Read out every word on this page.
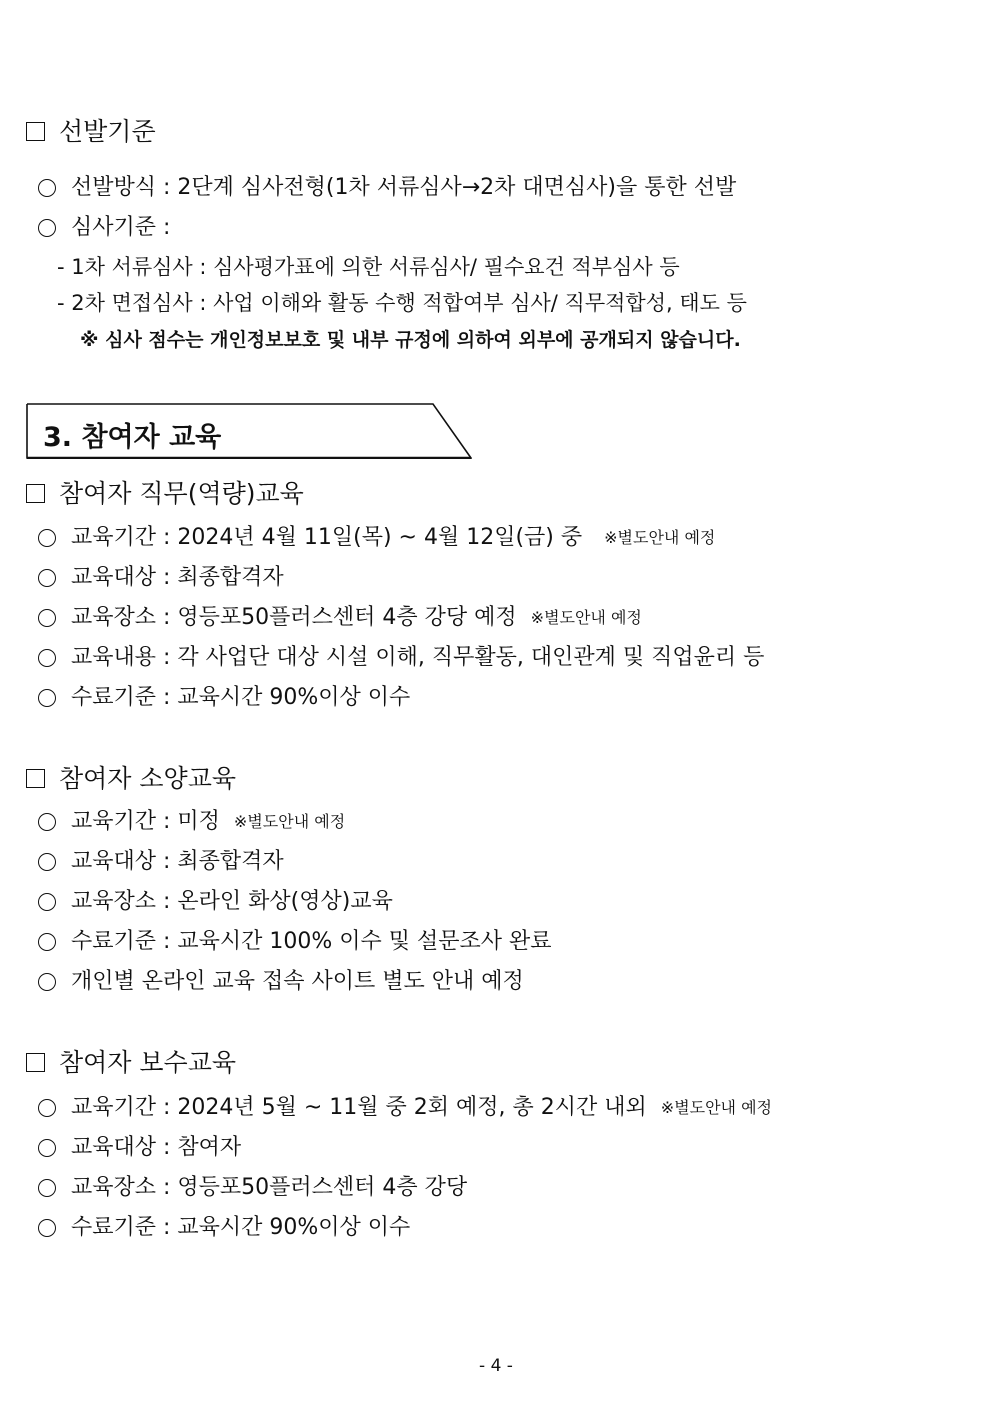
선발기준
선발방식 : 2단계 심사전형(1차 서류심사→2차 대면심사)을 통한 선발
심사기준 :
- 1차 서류심사 : 심사평가표에 의한 서류심사/ 필수요건 적부심사 등
- 2차 면접심사 : 사업 이해와 활동 수행 적합여부 심사/ 직무적합성, 태도 등
※ 심사 점수는 개인정보보호 및 내부 규정에 의하여 외부에 공개되지 않습니다.
3. 참여자 교육
참여자 직무(역량)교육
교육기간 : 2024년 4월 11일(목) ~ 4월 12일(금) 중 ※별도안내 예정
교육대상 : 최종합격자
교육장소 : 영등포50플러스센터 4층 강당 예정 ※별도안내 예정
교육내용 : 각 사업단 대상 시설 이해, 직무활동, 대인관계 및 직업윤리 등
수료기준 : 교육시간 90%이상 이수
참여자 소양교육
교육기간 : 미정 ※별도안내 예정
교육대상 : 최종합격자
교육장소 : 온라인 화상(영상)교육
수료기준 : 교육시간 100% 이수 및 설문조사 완료
개인별 온라인 교육 접속 사이트 별도 안내 예정
참여자 보수교육
교육기간 : 2024년 5월 ~ 11월 중 2회 예정, 총 2시간 내외 ※별도안내 예정
교육대상 : 참여자
교육장소 : 영등포50플러스센터 4층 강당
수료기준 : 교육시간 90%이상 이수
- 4 -
